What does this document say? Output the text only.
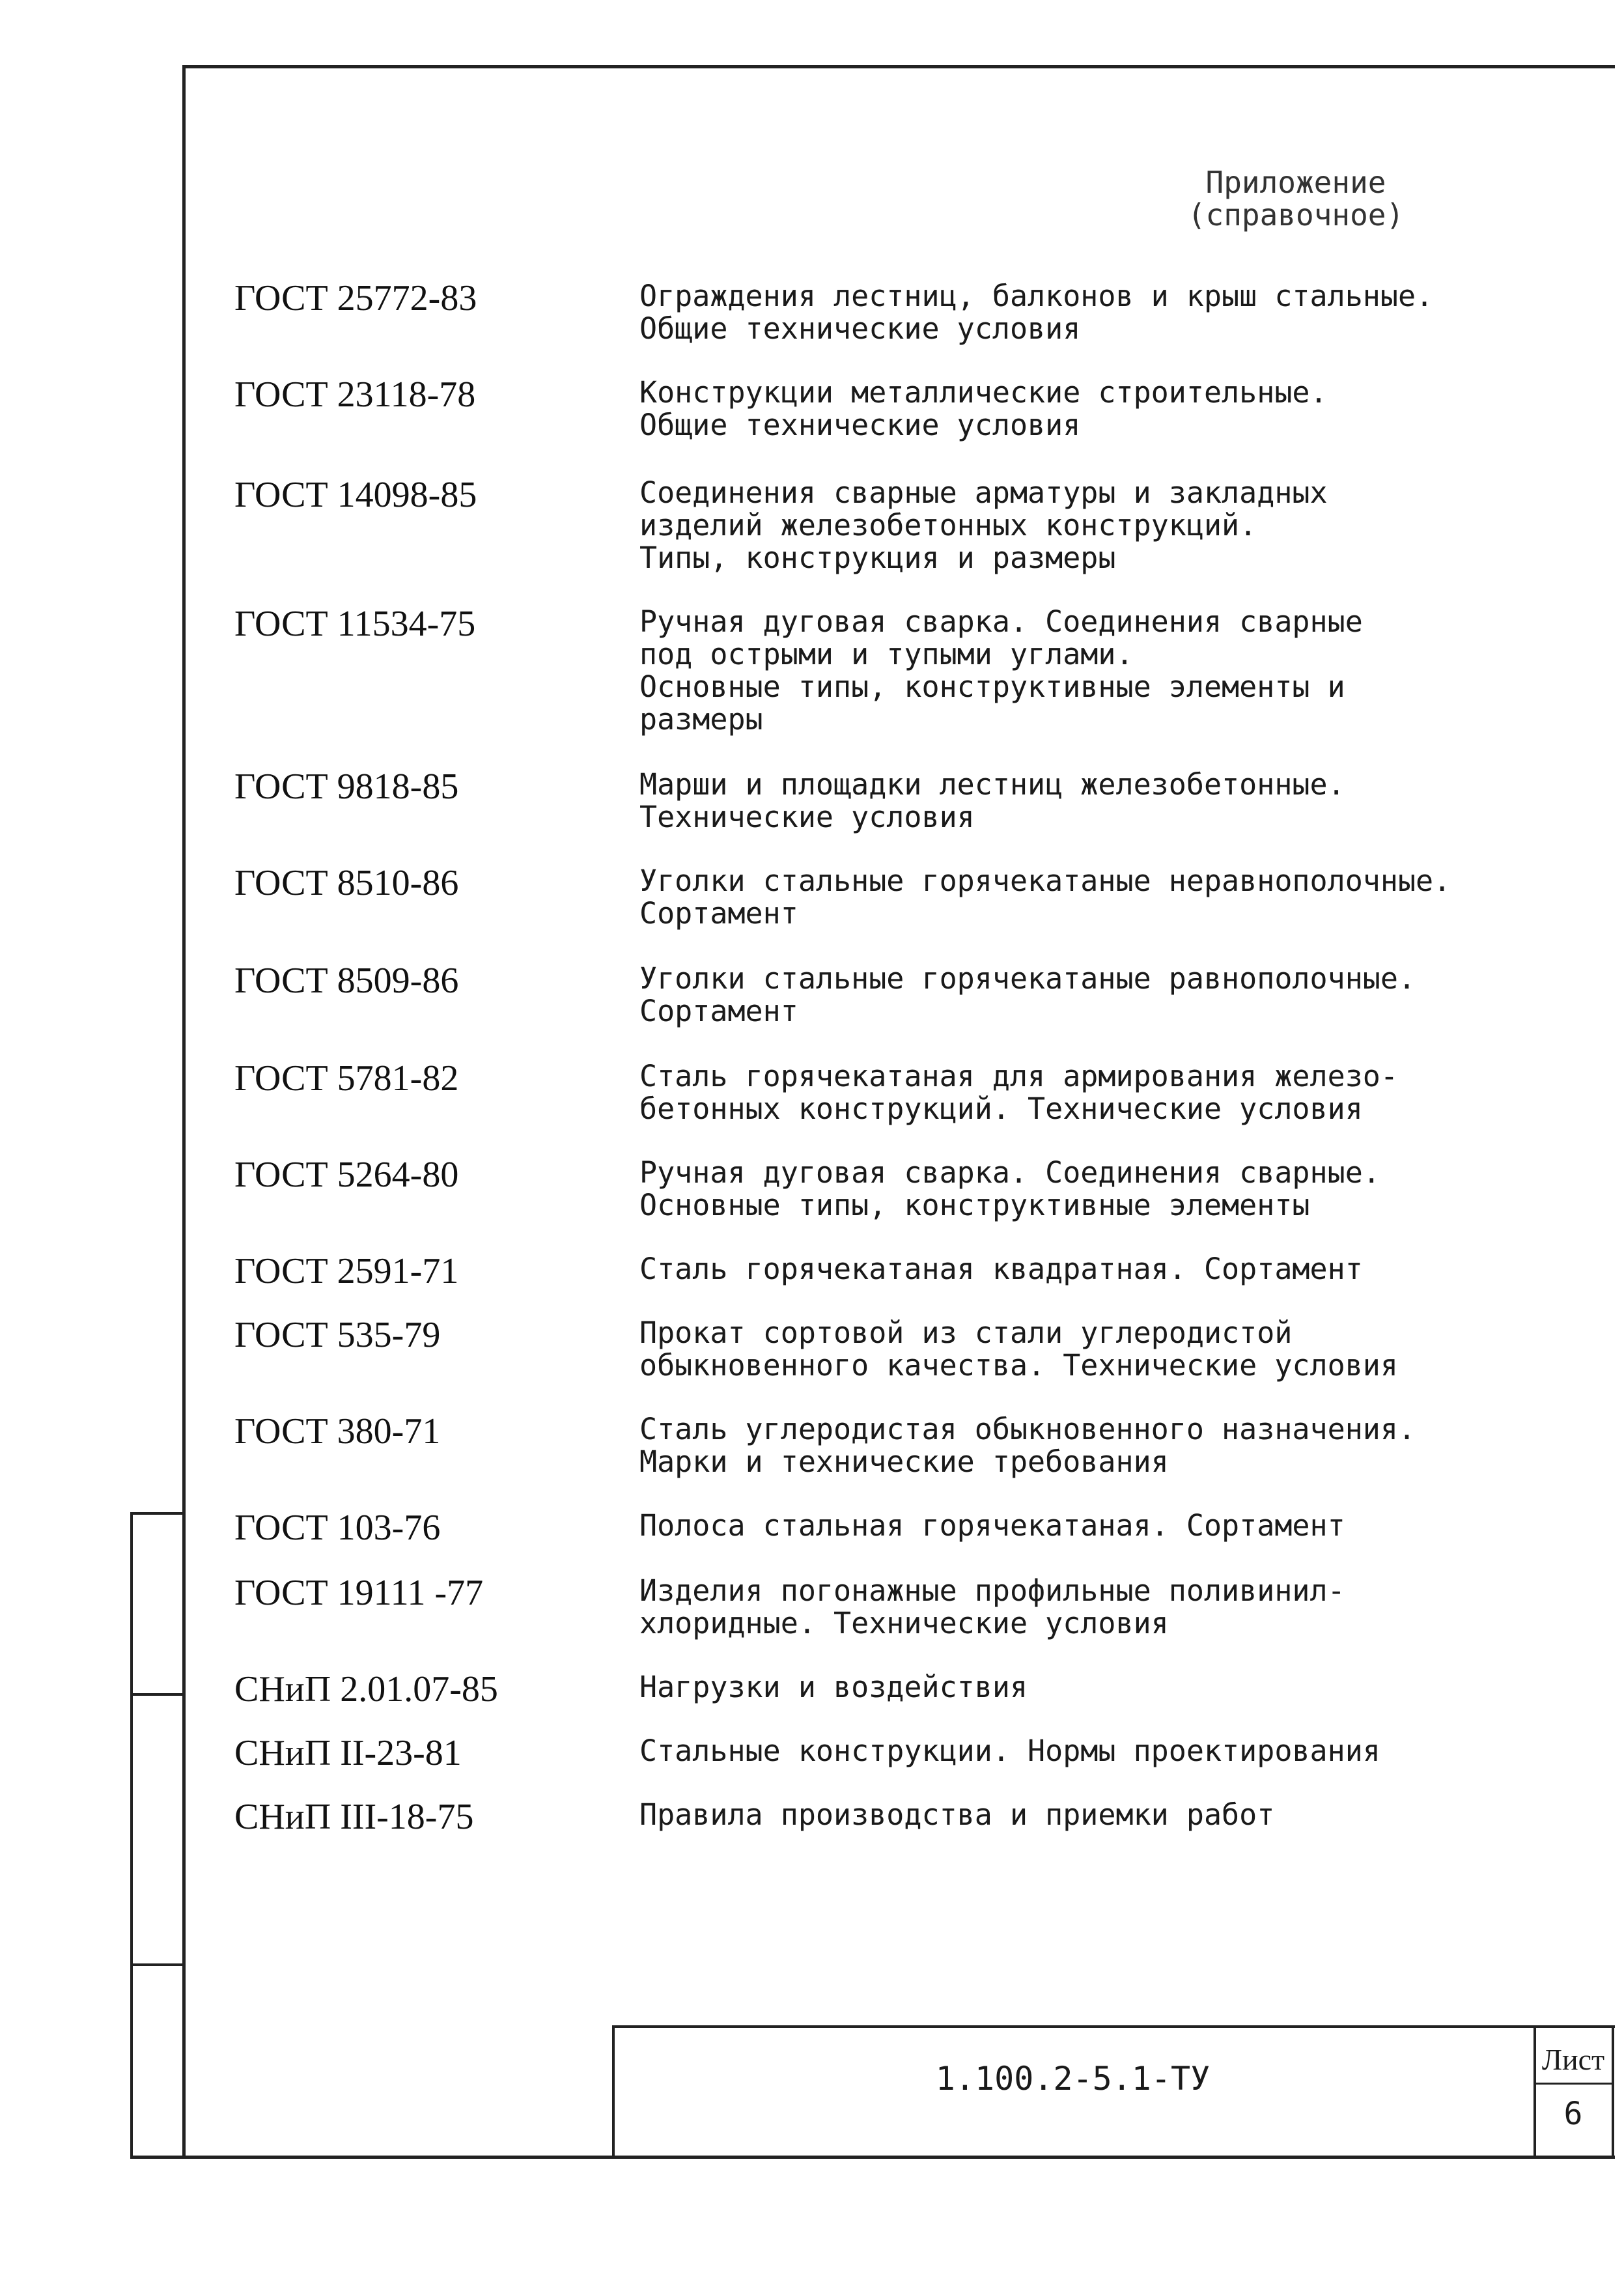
Приложение
(справочное)
ГОСТ 25772-83	Ограждения лестниц, балконов и крыш стальные.
Общие технические условия
ГОСТ 23118-78	Конструкции металлические строительные.
Общие технические условия
ГОСТ 14098-85	Соединения сварные арматуры и закладных
изделий железобетонных конструкций.
Типы, конструкция и размеры
ГОСТ 11534-75	Ручная дуговая сварка. Соединения сварные
под острыми и тупыми углами.
Основные типы, конструктивные элементы и
размеры
ГОСТ 9818-85	Марши и площадки лестниц железобетонные.
Технические условия
ГОСТ 8510-86	Уголки стальные горячекатаные неравнополочные.
Сортамент
ГОСТ 8509-86	Уголки стальные горячекатаные равнополочные.
Сортамент
ГОСТ 5781-82	Сталь горячекатаная для армирования железо-
бетонных конструкций. Технические условия
ГОСТ 5264-80	Ручная дуговая сварка. Соединения сварные.
Основные типы, конструктивные элементы
ГОСТ 2591-71	Сталь горячекатаная квадратная. Сортамент
ГОСТ 535-79	Прокат сортовой из стали углеродистой
обыкновенного качества. Технические условия
ГОСТ 380-71	Сталь углеродистая обыкновенного назначения.
Марки и технические требования
ГОСТ 103-76	Полоса стальная горячекатаная. Сортамент
ГОСТ 19111 -77	Изделия погонажные профильные поливинил-
хлоридные. Технические условия
СНиП 2.01.07-85	Нагрузки и воздействия
СНиП II-23-81	Стальные конструкции. Нормы проектирования
СНиП III-18-75	Правила производства и приемки работ
1.100.2-5.1-ТУ
Лист
6
